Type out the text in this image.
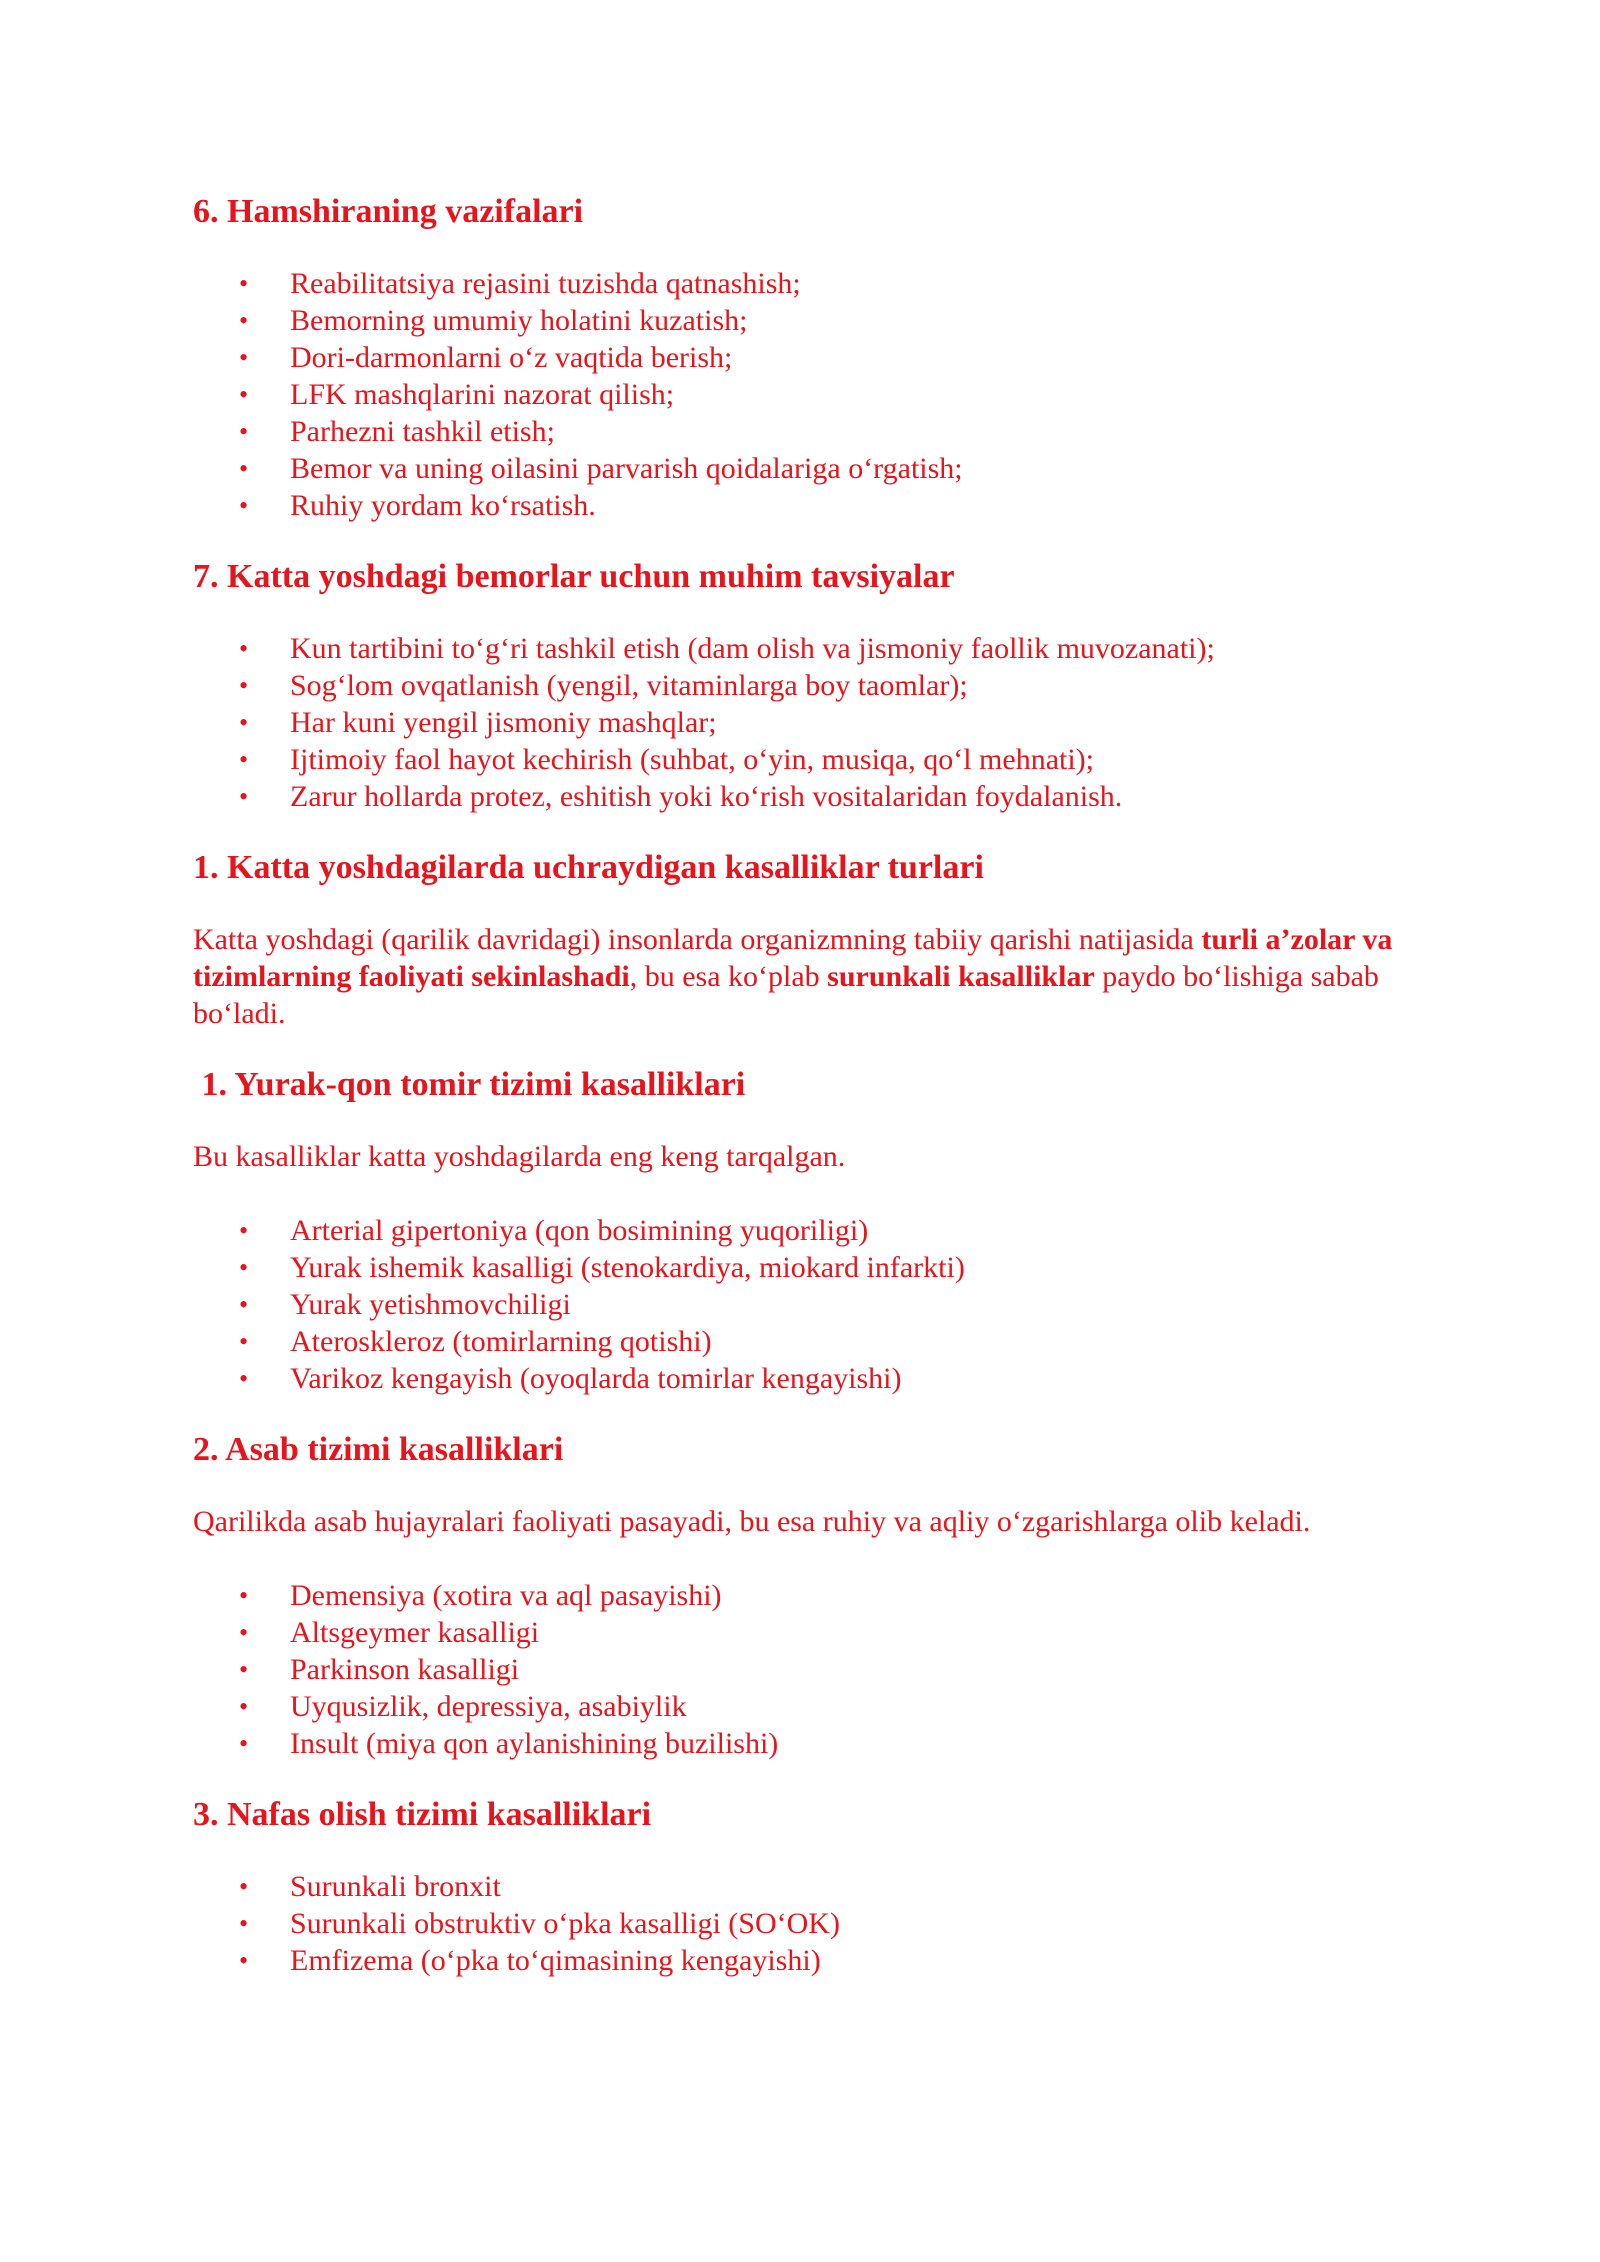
6. Hamshiraning vazifalari
• Reabilitatsiya rejasini tuzishda qatnashish;
• Bemorning umumiy holatini kuzatish;
• Dori-darmonlarni o‘z vaqtida berish;
• LFK mashqlarini nazorat qilish;
• Parhezni tashkil etish;
• Bemor va uning oilasini parvarish qoidalariga o‘rgatish;
• Ruhiy yordam ko‘rsatish.
7. Katta yoshdagi bemorlar uchun muhim tavsiyalar
• Kun tartibini to‘g‘ri tashkil etish (dam olish va jismoniy faollik muvozanati);
• Sog‘lom ovqatlanish (yengil, vitaminlarga boy taomlar);
• Har kuni yengil jismoniy mashqlar;
• Ijtimoiy faol hayot kechirish (suhbat, o‘yin, musiqa, qo‘l mehnati);
• Zarur hollarda protez, eshitish yoki ko‘rish vositalaridan foydalanish.
1. Katta yoshdagilarda uchraydigan kasalliklar turlari

Katta yoshdagi (qarilik davridagi) insonlarda organizmning tabiiy qarishi natijasida turli a’zolar va tizimlarning faoliyati sekinlashadi, bu esa ko‘plab surunkali kasalliklar paydo bo‘lishiga sabab bo‘ladi.

1. Yurak-qon tomir tizimi kasalliklari

Bu kasalliklar katta yoshdagilarda eng keng tarqalgan.

• Arterial gipertoniya (qon bosimining yuqoriligi)
• Yurak ishemik kasalligi (stenokardiya, miokard infarkti)
• Yurak yetishmovchiligi
• Ateroskleroz (tomirlarning qotishi)
• Varikoz kengayish (oyoqlarda tomirlar kengayishi)
2. Asab tizimi kasalliklari

Qarilikda asab hujayralari faoliyati pasayadi, bu esa ruhiy va aqliy o‘zgarishlarga olib keladi.

• Demensiya (xotira va aql pasayishi)
• Altsgeymer kasalligi
• Parkinson kasalligi
• Uyqusizlik, depressiya, asabiylik
• Insult (miya qon aylanishining buzilishi)
3. Nafas olish tizimi kasalliklari
• Surunkali bronxit
• Surunkali obstruktiv o‘pka kasalligi (SO‘OK)
• Emfizema (o‘pka to‘qimasining kengayishi)
